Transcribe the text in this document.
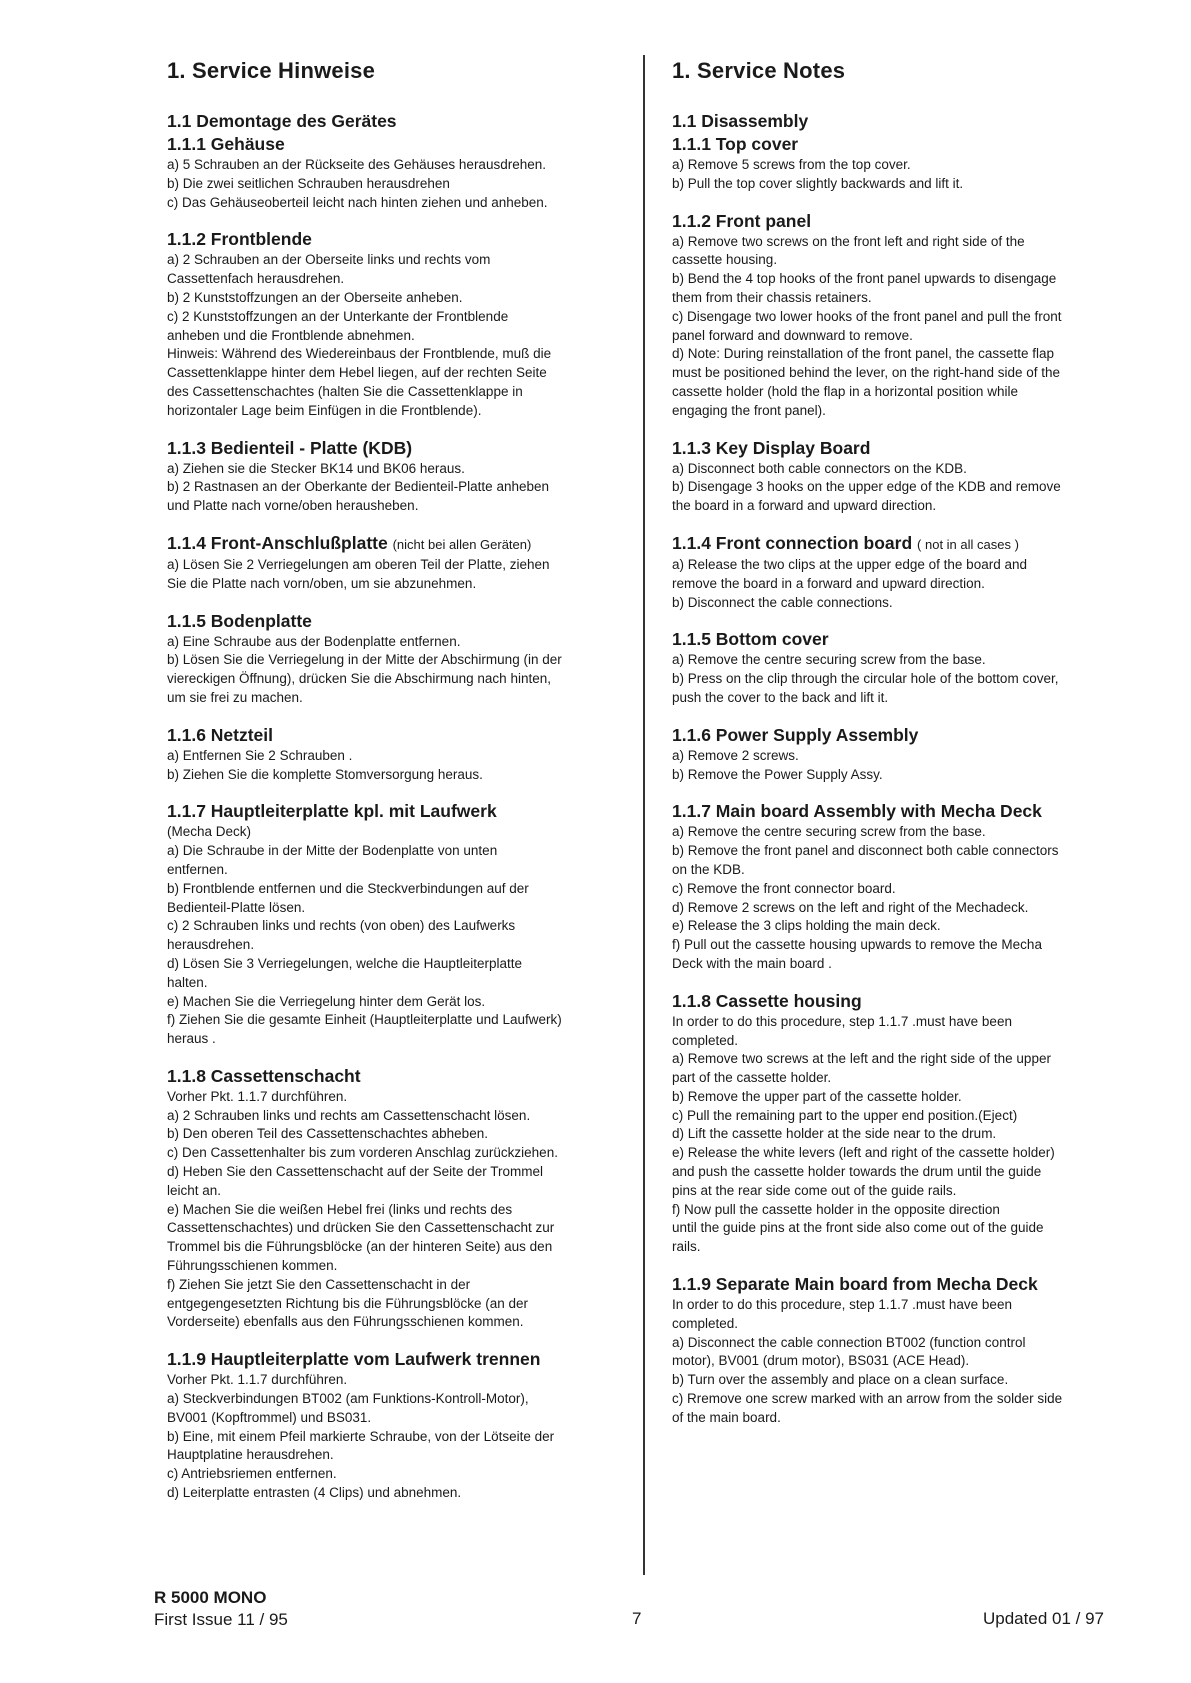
1. Service Hinweise
1.1 Demontage des Gerätes
1.1.1 Gehäuse

a) 5 Schrauben an der Rückseite des Gehäuses herausdrehen.

b) Die zwei seitlichen Schrauben herausdrehen

c) Das Gehäuseoberteil leicht nach hinten ziehen und anheben.

1.1.2 Frontblende

a) 2 Schrauben an der Oberseite links und rechts vom

Cassettenfach herausdrehen.

b) 2 Kunststoffzungen an der Oberseite anheben.

c) 2 Kunststoffzungen an der Unterkante der Frontblende

anheben und die Frontblende abnehmen.

Hinweis: Während des Wiedereinbaus der Frontblende, muß die

Cassettenklappe hinter dem Hebel liegen, auf der rechten Seite

des Cassettenschachtes (halten Sie die Cassettenklappe in

horizontaler Lage beim Einfügen in die Frontblende).

1.1.3 Bedienteil - Platte (KDB)

a) Ziehen sie die Stecker BK14 und BK06 heraus.

b) 2 Rastnasen an der Oberkante der Bedienteil-Platte anheben

und Platte nach vorne/oben herausheben.

1.1.4 Front-Anschlußplatte (nicht bei allen Geräten)

a) Lösen Sie 2 Verriegelungen am oberen Teil der Platte, ziehen

Sie die Platte nach vorn/oben, um sie abzunehmen.

1.1.5 Bodenplatte

a) Eine Schraube aus der Bodenplatte entfernen.

b) Lösen Sie die Verriegelung in der Mitte der Abschirmung (in der

viereckigen Öffnung), drücken Sie die Abschirmung nach hinten,

um sie frei zu machen.

1.1.6 Netzteil

a) Entfernen Sie 2 Schrauben .

b) Ziehen Sie die komplette Stomversorgung heraus.

1.1.7 Hauptleiterplatte kpl. mit Laufwerk

(Mecha Deck)

a) Die Schraube in der Mitte der Bodenplatte von unten

entfernen.

b) Frontblende entfernen und die Steckverbindungen auf der

Bedienteil-Platte lösen.

c) 2 Schrauben links und rechts (von oben) des Laufwerks

herausdrehen.

d) Lösen Sie 3 Verriegelungen, welche die Hauptleiterplatte

halten.

e) Machen Sie die Verriegelung hinter dem Gerät los.

f) Ziehen Sie die gesamte Einheit (Hauptleiterplatte und Laufwerk)

heraus .

1.1.8 Cassettenschacht

Vorher Pkt. 1.1.7 durchführen.

a) 2 Schrauben links und rechts am Cassettenschacht lösen.

b) Den oberen Teil des Cassettenschachtes abheben.

c) Den Cassettenhalter bis zum vorderen Anschlag zurückziehen.

d) Heben Sie den Cassettenschacht auf der Seite der Trommel

leicht an.

e) Machen Sie die weißen Hebel frei (links und rechts des

Cassettenschachtes) und drücken Sie den Cassettenschacht zur

Trommel bis die Führungsblöcke (an der hinteren Seite) aus den

Führungsschienen kommen.

f) Ziehen Sie jetzt Sie den Cassettenschacht in der

entgegengesetzten Richtung bis die Führungsblöcke (an der

Vorderseite) ebenfalls aus den Führungsschienen kommen.

1.1.9 Hauptleiterplatte vom Laufwerk trennen

Vorher Pkt. 1.1.7 durchführen.

a) Steckverbindungen BT002 (am Funktions-Kontroll-Motor),

BV001 (Kopftrommel) und BS031.

b) Eine, mit einem Pfeil markierte Schraube, von der Lötseite der

Hauptplatine herausdrehen.

c) Antriebsriemen entfernen.

d) Leiterplatte entrasten (4 Clips) und abnehmen.

1. Service Notes
1.1 Disassembly
1.1.1 Top cover

a) Remove 5 screws from the top cover.

b) Pull the top cover slightly backwards and lift it.

1.1.2 Front panel

a) Remove two screws on the front left and right side of the

cassette housing.

b) Bend the 4 top hooks of the front panel upwards to disengage

them from their chassis retainers.

c) Disengage two lower hooks of the front panel and pull the front

panel forward and downward to remove.

d) Note: During reinstallation of the front panel, the cassette flap

must be positioned behind the lever, on the right-hand side of the

cassette holder (hold the flap in a horizontal position while

engaging the front panel).

1.1.3 Key Display Board

a) Disconnect both cable connectors on the KDB.

b) Disengage 3 hooks on the upper edge of the KDB and remove

the board in a forward and upward direction.

1.1.4 Front connection board ( not in all cases )

a) Release the two clips at the upper edge of the board and

remove the board in a forward and upward direction.

b) Disconnect the cable connections.

1.1.5 Bottom cover

a) Remove the centre securing screw from the base.

b) Press on the clip through the circular hole of the bottom cover,

push the cover to the back and lift it.

1.1.6 Power Supply Assembly

a) Remove 2 screws.

b) Remove the Power Supply Assy.

1.1.7 Main board Assembly with Mecha Deck

a) Remove the centre securing screw from the base.

b) Remove the front panel and disconnect both cable connectors

on the KDB.

c) Remove the front connector board.

d) Remove 2 screws on the left and right of the Mechadeck.

e) Release the 3 clips holding the main deck.

f) Pull out the cassette housing upwards to remove the Mecha

Deck with the main board .

1.1.8 Cassette housing

In order to do this procedure, step 1.1.7 .must have been

completed.

a) Remove two screws at the left and the right side of the upper

part of the cassette holder.

b) Remove the upper part of the cassette holder.

c) Pull the remaining part to the upper end position.(Eject)

d) Lift the cassette holder at the side near to the drum.

e) Release the white levers (left and right of the cassette holder)

and push the cassette holder towards the drum until the guide

pins at the rear side come out of the guide rails.

f) Now pull the cassette holder in the opposite direction

until the guide pins at the front side also come out of the guide

rails.

1.1.9 Separate Main board from Mecha Deck

In order to do this procedure, step 1.1.7 .must have been

completed.

a) Disconnect the cable connection BT002 (function control

motor), BV001 (drum motor), BS031 (ACE Head).

b) Turn over the assembly and place on a clean surface.

c) Rremove one screw marked with an arrow from the solder side

of the main board.

R 5000 MONO
First Issue 11 / 95	7	Updated 01 / 97
